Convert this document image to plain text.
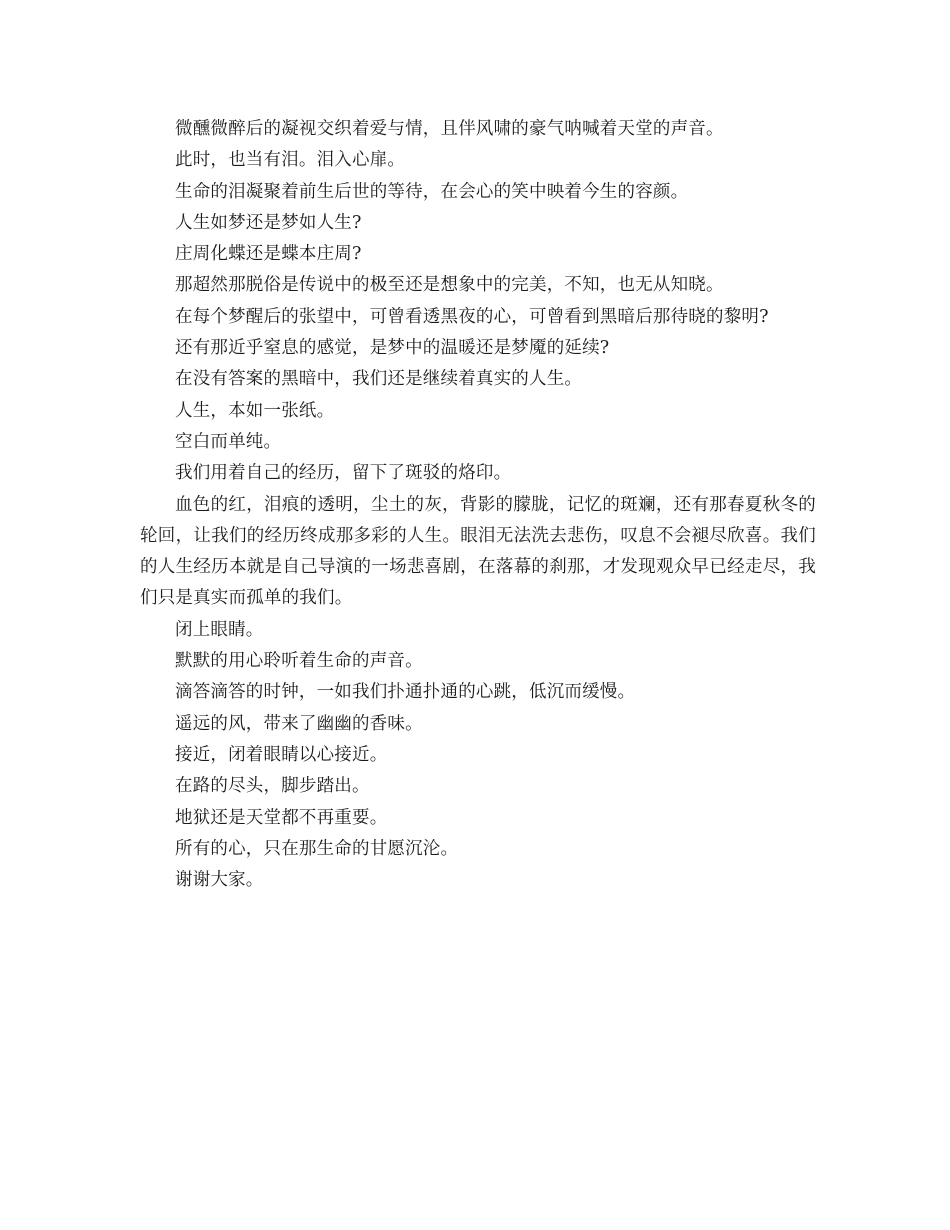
微醺微醉后的凝视交织着爱与情，且伴风啸的豪气呐喊着天堂的声音。

此时，也当有泪。泪入心扉。

生命的泪凝聚着前生后世的等待，在会心的笑中映着今生的容颜。

人生如梦还是梦如人生?

庄周化蝶还是蝶本庄周?

那超然那脱俗是传说中的极至还是想象中的完美，不知，也无从知晓。

在每个梦醒后的张望中，可曾看透黑夜的心，可曾看到黑暗后那待晓的黎明?

还有那近乎窒息的感觉，是梦中的温暖还是梦魇的延续?

在没有答案的黑暗中，我们还是继续着真实的人生。

人生，本如一张纸。

空白而单纯。

我们用着自己的经历，留下了斑驳的烙印。

血色的红，泪痕的透明，尘土的灰，背影的朦胧，记忆的斑斓，还有那春夏秋冬的轮回，让我们的经历终成那多彩的人生。眼泪无法洗去悲伤，叹息不会褪尽欣喜。我们的人生经历本就是自己导演的一场悲喜剧，在落幕的刹那，才发现观众早已经走尽，我们只是真实而孤单的我们。

闭上眼睛。

默默的用心聆听着生命的声音。

滴答滴答的时钟，一如我们扑通扑通的心跳，低沉而缓慢。

遥远的风，带来了幽幽的香味。

接近，闭着眼睛以心接近。

在路的尽头，脚步踏出。

地狱还是天堂都不再重要。

所有的心，只在那生命的甘愿沉沦。

谢谢大家。
